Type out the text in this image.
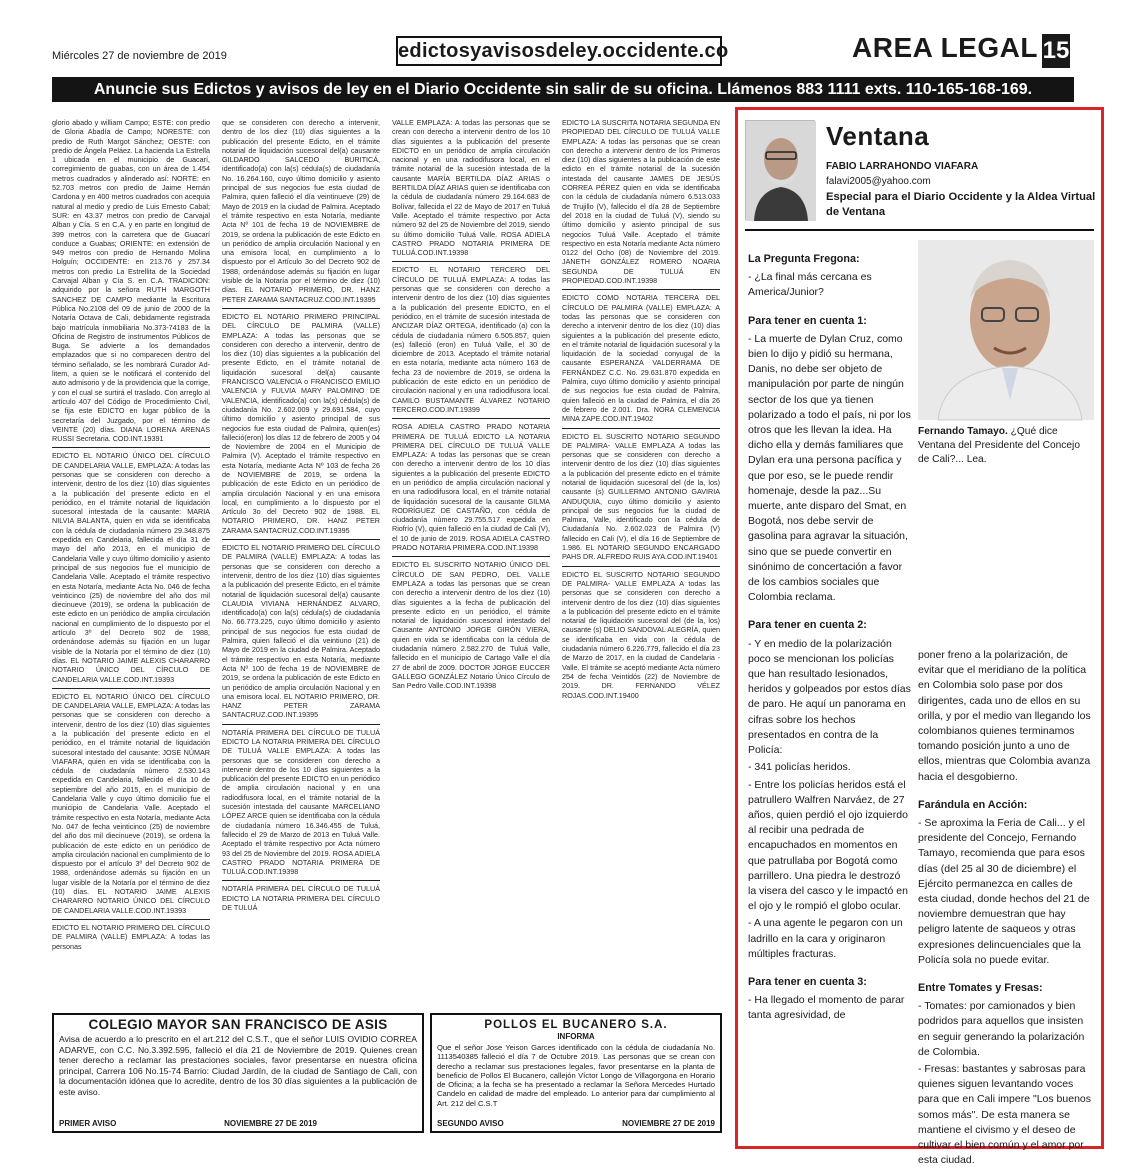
Miércoles 27 de noviembre de 2019	edictosyavisosdeley.occidente.co	AREA LEGAL 15
Anuncie sus Edictos y avisos de ley en el Diario Occidente sin salir de su oficina. Llámenos 883 1111 exts. 110-165-168-169.

glorio abado y william Campo; ESTE: con predio de Gloria Abadía de Campo; NORESTE: con predio de Ruth Margot Sánchez; OESTE: con predio de Ángela Peláez. La hacienda La Estrella 1 ubicada en el municipio de Guacarí, corregimiento de guabas, con un área de 1.454 metros cuadrados y alinderado así: NORTE: en 52.703 metros con predio de Jaime Hernán Cardona y en 400 metros cuadrados con acequia natural al medio y predio de Luis Ernesto Cabal; SUR: en 43.37 metros con predio de Carvajal Alban y Cía. S en C.A. y en parte en longitud de 399 metros con la carretera que de Guacarí conduce a Guabas; ORIENTE: en extensión de 949 metros con predio de Hernando Molina Holguín; OCCIDENTE: en 213.76 y 257.34 metros con predio La Estrellita de la Sociedad Carvajal Alban y Cía S. en C.A. TRADICION: adquirido por la señora RUTH MARGOTH SANCHEZ DE CAMPO mediante la Escritura Pública No.2108 del 09 de junio de 2000 de la Notaría Octava de Cali, debidamente registrada bajo matrícula inmobiliaria No.373-74183 de la Oficina de Registro de instrumentos Públicos de Buga. Se advierte a los demandados emplazados que si no comparecen dentro del término señalado, se les nombrará Curador Ad-litem, a quien se le notificará el contenido del auto admisorio y de la providencia que la corrige, y con el cual se surtirá el traslado. Con arreglo al artículo 407 del Código de Procedimiento Civil, se fija este EDICTO en lugar público de la secretaría del Juzgado, por el término de VEINTE (20) días. DIANA LORENA ARENAS RUSSI Secretaria. COD.INT.19391

EDICTO EL NOTARIO ÚNICO DEL CÍRCULO DE CANDELARIA VALLE, EMPLAZA: A todas las personas que se consideren con derecho a intervenir, dentro de los diez (10) días siguientes a la publicación del presente edicto en el periódico, en el trámite notarial de liquidación sucesoral intestada de la causante: MARIA NILVIA BALANTA, quien en vida se identificaba con la cédula de ciudadanía número 29.348.875 expedida en Candelaria, fallecida el día 31 de mayo del año 2013, en el municipio de Candelaria Valle y cuyo último domicilio y asiento principal de sus negocios fue el municipio de Candelaria Valle. Aceptado el trámite respectivo en esta Notaría, mediante Acta No. 046 de fecha veinticinco (25) de noviembre del año dos mil diecinueve (2019), se ordena la publicación de este edicto en un periódico de amplia circulación nacional en cumplimiento de lo dispuesto por el artículo 3º del Decreto 902 de 1988, ordenándose además su fijación en un lugar visible de la Notaría por el término de diez (10) días. EL NOTARIO JAIME ALEXIS CHARARRO NOTARIO ÚNICO DEL CÍRCULO DE CANDELARIA VALLE.COD.INT.19393

EDICTO EL NOTARIO ÚNICO DEL CÍRCULO DE CANDELARIA VALLE, EMPLAZA: A todas las personas que se consideren con derecho a intervenir, dentro de los diez (10) días siguientes a la publicación del presente edicto en el periódico, en el trámite notarial de liquidación sucesoral intestado del causante: JOSE NÚMAR VIAFARA, quien en vida se identificaba con la cédula de ciudadanía número 2.530.143 expedida en Candelaria, fallecido el día 10 de septiembre del año 2015, en el municipio de Candelaria Valle y cuyo último domicilio fue el municipio de Candelaria Valle. Aceptado el trámite respectivo en esta Notaría, mediante Acta No. 047 de fecha veinticinco (25) de noviembre del año dos mil diecinueve (2019), se ordena la publicación de este edicto en un periódico de amplia circulación nacional en cumplimiento de lo dispuesto por el artículo 3º del Decreto 902 de 1988, ordenándose además su fijación en un lugar visible de la Notaría por el término de diez (10) días. EL NOTARIO JAIME ALEXIS CHARARRO NOTARIO ÚNICO DEL CÍRCULO DE CANDELARIA VALLE.COD.INT.19393

EDICTO EL NOTARIO PRIMERO DEL CÍRCULO DE PALMIRA (VALLE) EMPLAZA: A todas las personas

que se consideren con derecho a intervenir, dentro de los diez (10) días siguientes a la publicación del presente Edicto, en el trámite notarial de liquidación sucesoral del(a) causante GILDARDO SALCEDO BURITICÁ, identificado(a) con la(s) cédula(s) de ciudadanía No. 16.264.160, cuyo último domicilio y asiento principal de sus negocios fue esta ciudad de Palmira, quien falleció el día veintinueve (29) de Mayo de 2019 en la ciudad de Palmira. Aceptado el trámite respectivo en esta Notaría, mediante Acta Nº 101 de fecha 19 de NOVIEMBRE de 2019, se ordena la publicación de este Edicto en un periódico de amplia circulación Nacional y en una emisora local, en cumplimiento a lo dispuesto por el Artículo 3o del Decreto 902 de 1988, ordenándose además su fijación en lugar visible de la Notaría por el término de diez (10) días. EL NOTARIO PRIMERO, DR. HANZ PETER ZARAMA SANTACRUZ.COD.INT.19395

EDICTO EL NOTARIO PRIMERO PRINCIPAL DEL CÍRCULO DE PALMIRA (VALLE) EMPLAZA: A todas las personas que se consideren con derecho a intervenir, dentro de los diez (10) días siguientes a la publicación del presente Edicto, en el trámite notarial de liquidación sucesoral del(a) causante FRANCISCO VALENCIA o FRANCISCO EMILIO VALENCIA y FULVIA MARY PALOMINO DE VALENCIA, identificado(a) con la(s) cédula(s) de ciudadanía No. 2.602.009 y 29.691.584, cuyo último domicilio y asiento principal de sus negocios fue esta ciudad de Palmira, quien(es) falleció(eron) los días 12 de febrero de 2005 y 04 de Noviembre de 2004 en el Municipio de Palmira (V). Aceptado el trámite respectivo en esta Notaría, mediante Acta Nº 103 de fecha 26 de NOVIEMBRE de 2019, se ordena la publicación de este Edicto en un periódico de amplia circulación Nacional y en una emisora local, en cumplimiento a lo dispuesto por el Artículo 3o del Decreto 902 de 1988. EL NOTARIO PRIMERO, DR. HANZ PETER ZARAMA SANTACRUZ.COD.INT.19395

EDICTO EL NOTARIO PRIMERO DEL CÍRCULO DE PALMIRA (VALLE) EMPLAZA: A todas las personas que se consideren con derecho a intervenir, dentro de los diez (10) días siguientes a la publicación del presente Edicto, en el trámite notarial de liquidación sucesoral del(a) causante CLAUDIA VIVIANA HERNÁNDEZ ALVARO, identificado(a) con la(s) cédula(s) de ciudadanía No. 66.773.225, cuyo último domicilio y asiento principal de sus negocios fue esta ciudad de Palmira, quien falleció el día veintiuno (21) de Mayo de 2019 en la ciudad de Palmira. Aceptado el trámite respectivo en esta Notaría, mediante Acta Nº 100 de fecha 19 de NOVIEMBRE de 2019, se ordena la publicación de este Edicto en un periódico de amplia circulación Nacional y en una emisora local. EL NOTARIO PRIMERO, DR. HANZ PETER ZARAMA SANTACRUZ.COD.INT.19395

NOTARÍA PRIMERA DEL CÍRCULO DE TULUÁ EDICTO LA NOTARIA PRIMERA DEL CÍRCULO DE TULUÁ VALLE EMPLAZA: A todas las personas que se consideren con derecho a intervenir dentro de los 10 días siguientes a la publicación del presente EDICTO en un periódico de amplia circulación nacional y en una radiodifusora local, en el trámite notarial de la sucesión intestada del causante MARCELIANO LÓPEZ ARCE quien se identificaba con la cédula de ciudadanía número 16.346.455 de Tuluá, fallecido el 29 de Marzo de 2013 en Tuluá Valle. Aceptado el trámite respectivo por Acta número 93 del 25 de Noviembre del 2019. ROSA ADIELA CASTRO PRADO NOTARIA PRIMERA DE TULUÁ.COD.INT.19398

NOTARÍA PRIMERA DEL CÍRCULO DE TULUÁ EDICTO LA NOTARIA PRIMERA DEL CÍRCULO DE TULUÁ

VALLE EMPLAZA: A todas las personas que se crean con derecho a intervenir dentro de los 10 días siguientes a la publicación del presente EDICTO en un periódico de amplia circulación nacional y en una radiodifusora local, en el trámite notarial de la sucesión intestada de la causante MARÍA BERTILDA DÍAZ ARIAS o BERTILDA DÍAZ ARIAS quien se identificaba con la cédula de ciudadanía número 29.164.683 de Bolívar, fallecida el 22 de Mayo de 2017 en Tuluá Valle. Aceptado el trámite respectivo por Acta número 92 del 25 de Noviembre del 2019, siendo su último domicilio Tuluá Valle. ROSA ADIELA CASTRO PRADO NOTARIA PRIMERA DE TULUÁ.COD.INT.19398

EDICTO EL NOTARIO TERCERO DEL CÍRCULO DE TULUÁ EMPLAZA: A todas las personas que se consideren con derecho a intervenir dentro de los diez (10) días siguientes a la publicación del presente EDICTO, en el periódico, en el trámite de sucesión intestada de ANCIZAR DÍAZ ORTEGA, identificado (a) con la cédula de ciudadanía número 6.505.857, quien (es) falleció (eron) en Tuluá Valle, el 30 de diciembre de 2013. Aceptado el trámite notarial en esta notaría, mediante acta número 163 de fecha 23 de noviembre de 2019, se ordena la publicación de este edicto en un periódico de circulación nacional y en una radiodifusora local. CAMILO BUSTAMANTE ÁLVAREZ NOTARIO TERCERO.COD.INT.19399

ROSA ADIELA CASTRO PRADO NOTARIA PRIMERA DE TULUÁ EDICTO LA NOTARIA PRIMERA DEL CÍRCULO DE TULUÁ VALLE EMPLAZA: A todas las personas que se crean con derecho a intervenir dentro de los 10 días siguientes a la publicación del presente EDICTO en un periódico de amplia circulación nacional y en una radiodifusora local, en el trámite notarial de liquidación sucesoral de la causante GILMA RODRÍGUEZ DE CASTAÑO, con cédula de ciudadanía número 29.755.517 expedida en Riofrío (V), quien falleció en la ciudad de Cali (V), el 10 de junio de 2019. ROSA ADIELA CASTRO PRADO NOTARIA PRIMERA.COD.INT.19398

EDICTO EL SUSCRITO NOTARIO ÚNICO DEL CÍRCULO DE SAN PEDRO, DEL VALLE EMPLAZA a todas las personas que se crean con derecho a intervenir dentro de los diez (10) días siguientes a la fecha de publicación del presente edicto en un periódico, el trámite notarial de liquidación sucesoral intestado del Causante ANTONIO JORGE GIRÓN VIERA, quien en vida se identificaba con la cédula de ciudadanía número 2.582.270 de Tuluá Valle, fallecido en el municipio de Cartago Valle el día 27 de abril de 2009. DOCTOR JORGE EUCCER GALLEGO GONZÁLEZ Notario Único Círculo de San Pedro Valle.COD.INT.19398

EDICTO LA SUSCRITA NOTARIA SEGUNDA EN PROPIEDAD DEL CÍRCULO DE TULUÁ VALLE EMPLAZA: A todas las personas que se crean con derecho a intervenir dentro de los Primeros diez (10) días siguientes a la publicación de este edicto en el trámite notarial de la sucesión intestada del causante JAMES DE JESÚS CORREA PÉREZ quien en vida se identificaba con la cédula de ciudadanía número 6.513.033 de Trujillo (V), fallecido el día 28 de Septiembre del 2018 en la ciudad de Tuluá (V), siendo su último domicilio y asiento principal de sus negocios Tuluá Valle. Aceptado el trámite respectivo en esta Notaría mediante Acta número 0122 del Ocho (08) de Noviembre del 2019. JANETH GONZÁLEZ ROMERO NOARIA SEGUNDA DE TULUÁ EN PROPIEDAD.COD.INT.19398

EDICTO COMO NOTARIA TERCERA DEL CÍRCULO DE PALMIRA (VALLE) EMPLAZA: A todas las personas que se consideren con derecho a intervenir dentro de los diez (10) días siguientes a la publicación del presente edicto, en el trámite notarial de liquidación sucesoral y la liquidación de la sociedad conyugal de la causante ESPERANZA VALDERRAMA DE FERNÁNDEZ C.C. No. 29.631.870 expedida en Palmira, cuyo último domicilio y asiento principal de sus negocios fue esta ciudad de Palmira, quien falleció en la ciudad de Palmira, el día 26 de febrero de 2.001. Dra. NORA CLEMENCIA MINA ZAPE.COD.INT.19402

EDICTO EL SUSCRITO NOTARIO SEGUNDO DE PALMIRA- VALLE EMPLAZA A todas las personas que se consideren con derecho a intervenir dentro de los diez (10) días siguientes a la publicación del presente edicto en el trámite notarial de liquidación sucesoral del (de la, los) causante (s) GUILLERMO ANTONIO GAVIRIA ANDUQUIA, cuyo último domicilio y asiento principal de sus negocios fue la ciudad de Palmira, Valle, identificado con la cédula de Ciudadanía No. 2.602.023 de Palmira (V) fallecido en Cali (V), el día 16 de Septiembre de 1.986. EL NOTARIO SEGUNDO ENCARGADO PAHS DR. ALFREDO RUIS AYA.COD.INT.19401

EDICTO EL SUSCRITO NOTARIO SEGUNDO DE PALMIRA- VALLE EMPLAZA A todas las personas que se consideren con derecho a intervenir dentro de los diez (10) días siguientes a la publicación del presente edicto en el trámite notarial de liquidación sucesoral del (de la, los) causante (s) DELIO SANDOVAL ALEGRÍA, quien se identificaba en vida con la cédula de ciudadanía número 6.226.779, fallecido el día 23 de Marzo de 2017, en la ciudad de Candelaria - Valle. El trámite se aceptó mediante Acta número 254 de fecha Veintidós (22) de Noviembre de 2019.	DR. FERNANDO VÉLEZ ROJAS.COD.INT.19400

Ventana
FABIO LARRAHONDO VIAFARA
falavi2005@yahoo.com
Especial para el Diario Occidente y la Aldea Virtual de Ventana
La Pregunta Fregona:

- ¿La final más cercana es America/Junior?

Para tener en cuenta 1:

- La muerte de Dylan Cruz, como bien lo dijo y pidió su hermana, Danis, no debe ser objeto de manipulación por parte de ningún sector de los que ya tienen polarizado a todo el país, ni por los otros que les llevan la idea. Ha dicho ella y demás familiares que Dylan era una persona pacífica y que por eso, se le puede rendir homenaje, desde la paz...Su muerte, ante disparo del Smat, en Bogotá, nos debe servir de gasolina para agravar la situación, sino que se puede convertir en sinónimo de concertación a favor de los cambios sociales que Colombia reclama.

Para tener en cuenta 2:

- Y en medio de la polarización poco se mencionan los policías que han resultado lesionados, heridos y golpeados por estos días de paro. He aquí un panorama en cifras sobre los hechos presentados en contra de la Policía:

- 341 policías heridos.

- Entre los policías heridos está el patrullero Walfren Narváez, de 27 años, quien perdió el ojo izquierdo al recibir una pedrada de encapuchados en momentos en que patrullaba por Bogotá como parrillero. Una piedra le destrozó la visera del casco y le impactó en el ojo y le rompió el globo ocular.

- A una agente le pegaron con un ladrillo en la cara y originaron múltiples fracturas.

Para tener en cuenta 3:

- Ha llegado el momento de parar tanta agresividad, de

Fernando Tamayo. ¿Qué dice Ventana del Presidente del Concejo de Cali?... Lea.

poner freno a la polarización, de evitar que el meridiano de la política en Colombia solo pase por dos dirigentes, cada uno de ellos en su orilla, y por el medio van llegando los colombianos quienes terminamos tomando posición junto a uno de ellos, mientras que Colombia avanza hacia el desgobierno.

Farándula en Acción:

- Se aproxima la Feria de Cali... y el presidente del Concejo, Fernando Tamayo, recomienda que para esos días (del 25 al 30 de diciembre) el Ejército permanezca en calles de esta ciudad, donde hechos del 21 de noviembre demuestran que hay peligro latente de saqueos y otras expresiones delincuenciales que la Policía sola no puede evitar.

Entre Tomates y Fresas:

- Tomates: por camionados y bien podridos para aquellos que insisten en seguir generando la polarización de Colombia.

- Fresas: bastantes y sabrosas para quienes siguen levantando voces para que en Cali impere "Los buenos somos más". De esta manera se mantiene el civismo y el deseo de cultivar el bien común y el amor por esta ciudad.

COLEGIO MAYOR SAN FRANCISCO DE ASIS
Avisa de acuerdo a lo prescrito en el art.212 del C.S.T., que el señor LUIS OVIDIO CORREA ADARVE, con C.C. No.3.392.595, falleció el día 21 de Noviembre de 2019. Quienes crean tener derecho a reclamar las prestaciones sociales, favor presentarse en nuestra oficina principal, Carrera 106 No.15-74 Barrio: Ciudad Jardín, de la ciudad de Santiago de Cali, con la documentación idónea que lo acredite, dentro de los 30 días siguientes a la publicación de este aviso.
PRIMER AVISO	NOVIEMBRE 27 DE 2019
POLLOS EL BUCANERO S.A.
INFORMA
Que el señor Jose Yeison Garces identificado con la cédula de ciudadanía No. 1113540385 falleció el día 7 de Octubre 2019. Las personas que se crean con derecho a reclamar sus prestaciones legales, favor presentarse en la planta de beneficio de Pollos El Bucanero, callejón Víctor Longo de Villagorgona en Horario de Oficina; a la fecha se ha presentado a reclamar la Señora Mercedes Hurtado Candelo en calidad de madre del empleado. Lo anterior para dar cumplimiento al Art. 212 del C.S.T
SEGUNDO AVISO	NOVIEMBRE 27 DE 2019
